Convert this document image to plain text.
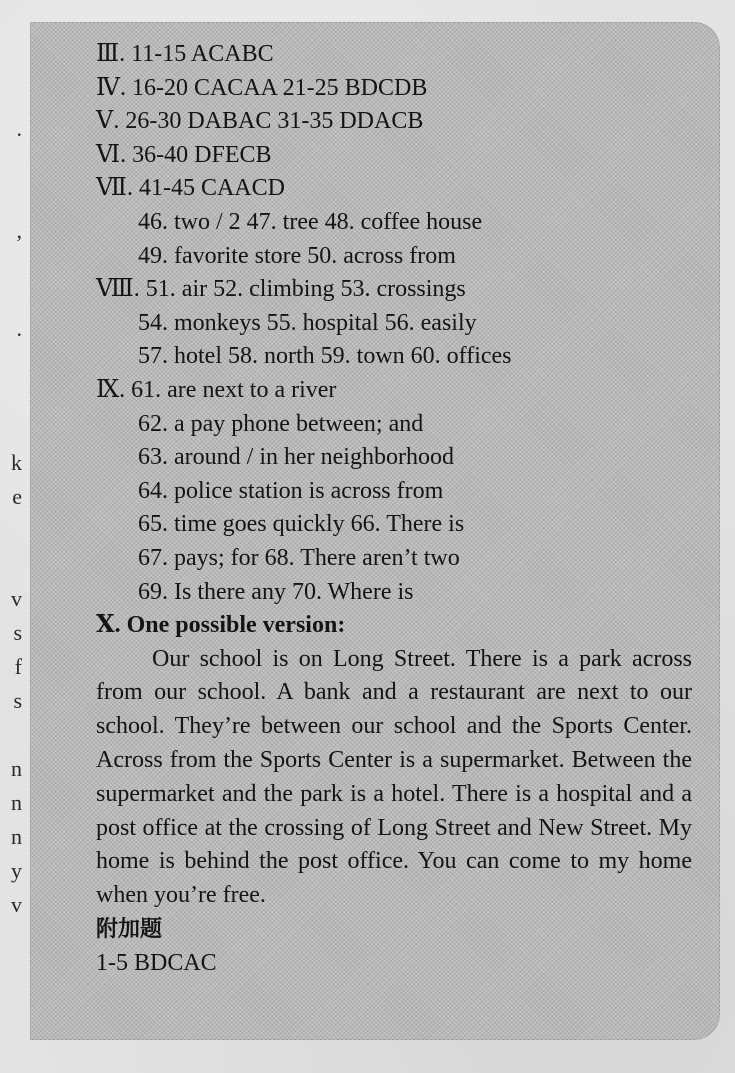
.
,
.
k
e
v
s
f
s
n
n
n
y
v
Ⅲ. 11-15 ACABC
Ⅳ. 16-20 CACAA 21-25 BDCDB
Ⅴ. 26-30 DABAC 31-35 DDACB
Ⅵ. 36-40 DFECB
Ⅶ. 41-45 CAACD
46. two / 2 47. tree 48. coffee house
49. favorite store 50. across from
Ⅷ. 51. air 52. climbing 53. crossings
54. monkeys 55. hospital 56. easily
57. hotel 58. north 59. town 60. offices
Ⅸ. 61. are next to a river
62. a pay phone between; and
63. around / in her neighborhood
64. police station is across from
65. time goes quickly 66. There is
67. pays; for 68. There aren’t two
69. Is there any 70. Where is
Ⅹ. One possible version:

Our school is on Long Street. There is a park across from our school. A bank and a restaurant are next to our school. They’re between our school and the Sports Center. Across from the Sports Center is a supermarket. Between the supermarket and the park is a hotel. There is a hospital and a post office at the crossing of Long Street and New Street. My home is behind the post office. You can come to my home when you’re free.

附加题
1-5 BDCAC
